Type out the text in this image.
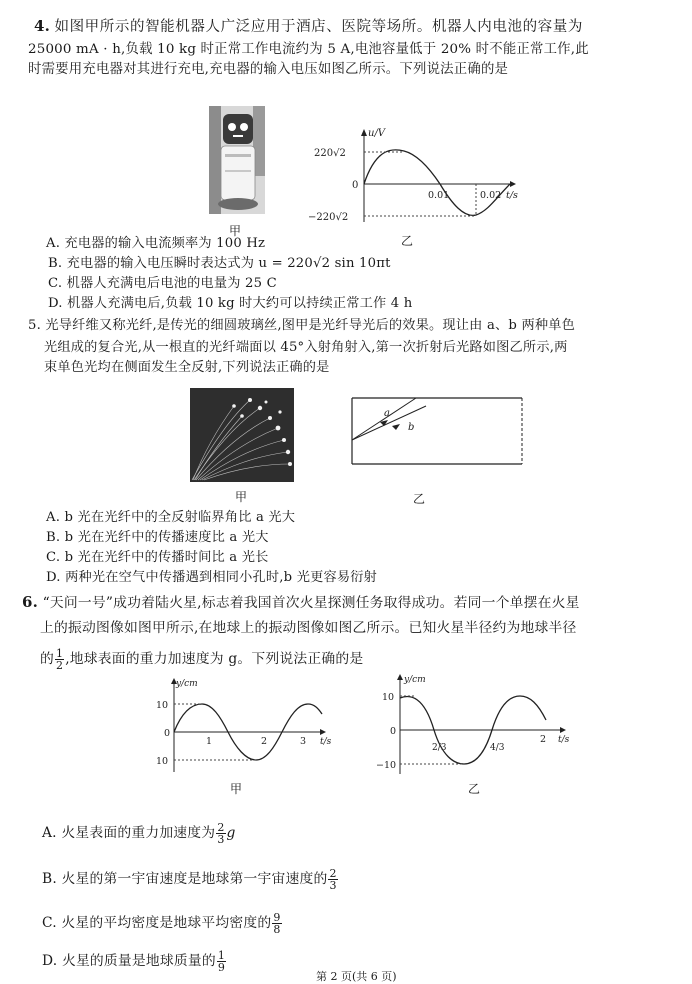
4. 如图甲所示的智能机器人广泛应用于酒店、医院等场所。机器人内电池的容量为
25000 mA · h,负载 10 kg 时正常工作电流约为 5 A,电池容量低于 20% 时不能正常工作,此
时需要用充电器对其进行充电,充电器的输入电压如图乙所示。下列说法正确的是
甲
u/V
220√2
0
−220√2
0.01	0.02 t/s
乙
A. 充电器的输入电流频率为 100 Hz
B. 充电器的输入电压瞬时表达式为 u = 220√2 sin 10πt
C. 机器人充满电后电池的电量为 25 C
D. 机器人充满电后,负载 10 kg 时大约可以持续正常工作 4 h
5. 光导纤维又称光纤,是传光的细圆玻璃丝,图甲是光纤导光后的效果。现让由 a、b 两种单色
光组成的复合光,从一根直的光纤端面以 45°入射角射入,第一次折射后光路如图乙所示,两
束单色光均在侧面发生全反射,下列说法正确的是
甲
a
b
乙
A. b 光在光纤中的全反射临界角比 a 光大
B. b 光在光纤中的传播速度比 a 光大
C. b 光在光纤中的传播时间比 a 光长
D. 两种光在空气中传播遇到相同小孔时,b 光更容易衍射
6. “天问一号”成功着陆火星,标志着我国首次火星探测任务取得成功。若同一个单摆在火星
上的振动图像如图甲所示,在地球上的振动图像如图乙所示。已知火星半径约为地球半径
的 $\frac{1}{2}$ ,地球表面的重力加速度为 g。下列说法正确的是
y/cm
10
0
10
1	2	3 t/s
甲
y/cm
10
0
−10
2/3	4/3
2 t/s
乙
A. 火星表面的重力加速度为 $\frac{2}{3}$ g
B. 火星的第一宇宙速度是地球第一宇宙速度的 $\frac{2}{3}$
C. 火星的平均密度是地球平均密度的 $\frac{9}{8}$
D. 火星的质量是地球质量的 $\frac{1}{9}$
第 2 页(共 6 页)
